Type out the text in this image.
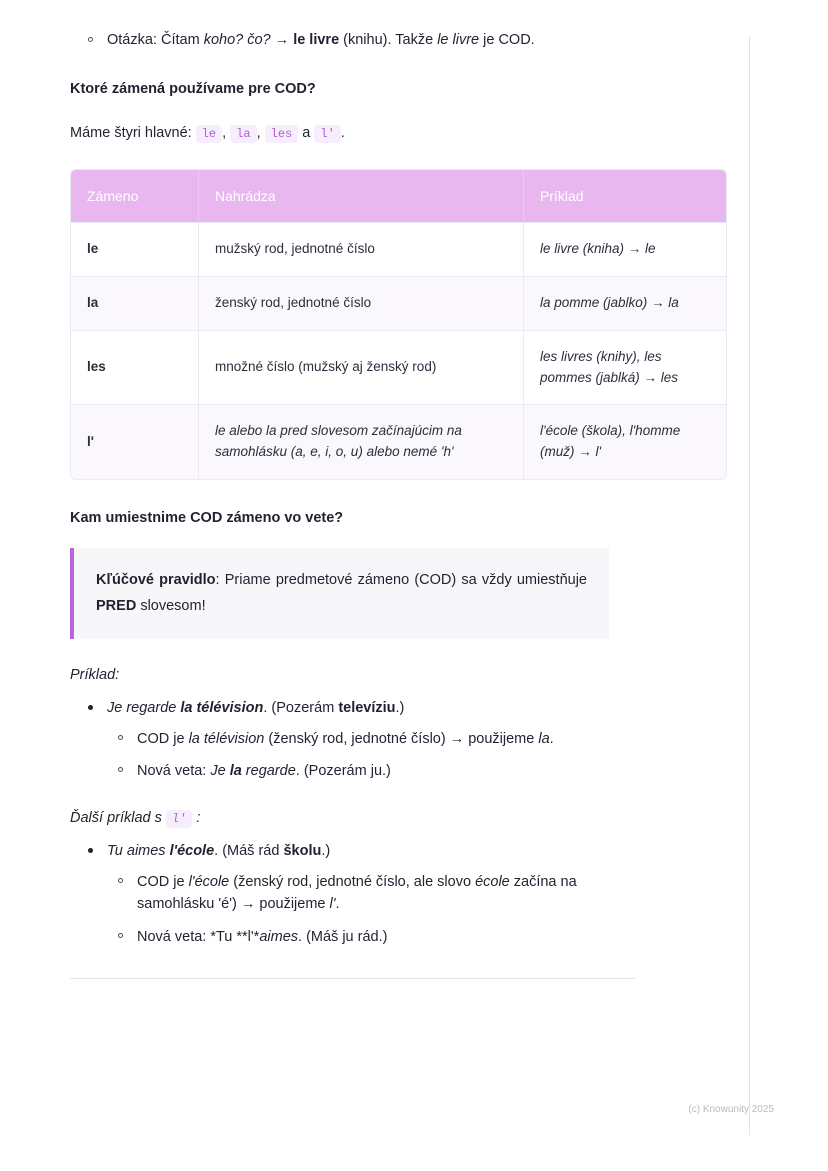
Otázka: Čítam koho? čo? → le livre (knihu). Takže le livre je COD.
Ktoré zámená používame pre COD?

Máme štyri hlavné: le , la , les a l' .

Zámeno	Nahrádza	Príklad
le	mužský rod, jednotné číslo	le livre (kniha) → le
la	ženský rod, jednotné číslo	la pomme (jablko) → la
les	množné číslo (mužský aj ženský rod)	les livres (knihy), les pommes (jablká) → les
l'	le alebo la pred slovesom začínajúcim na samohlásku (a, e, i, o, u) alebo nemé 'h'	l'école (škola), l'homme (muž) → l'
Kam umiestnime COD zámeno vo vete?
Kľúčové pravidlo: Priame predmetové zámeno (COD) sa vždy umiestňuje PRED slovesom!

Príklad:

Je regarde la télévision. (Pozerám televíziu.)
COD je la télévision (ženský rod, jednotné číslo) → použijeme la.
Nová veta: Je la regarde. (Pozerám ju.)

Ďalší príklad s l' :

Tu aimes l'école. (Máš rád školu.)
COD je l'école (ženský rod, jednotné číslo, ale slovo école začína na samohlásku 'é') → použijeme l'.
Nová veta: *Tu **l'*aimes. (Máš ju rád.)
(c) Knowunity 2025
